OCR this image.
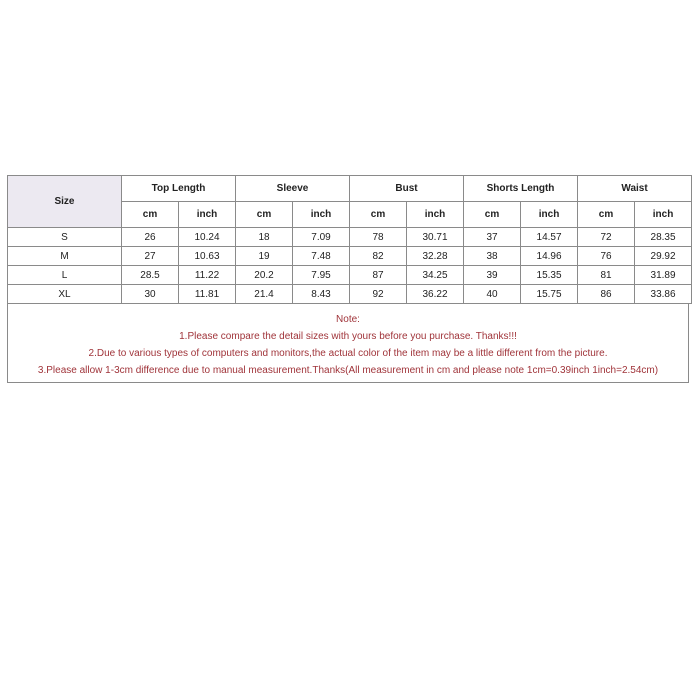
Size	Top Length		Sleeve		Bust		Shorts Length		Waist	
	cm	inch	cm	inch	cm	inch	cm	inch	cm	inch
S	26	10.24	18	7.09	78	30.71	37	14.57	72	28.35
M	27	10.63	19	7.48	82	32.28	38	14.96	76	29.92
L	28.5	11.22	20.2	7.95	87	34.25	39	15.35	81	31.89
XL	30	11.81	21.4	8.43	92	36.22	40	15.75	86	33.86
Note:
1.Please compare the detail sizes with yours before you purchase. Thanks!!!
2.Due to various types of computers and monitors,the actual color of the item may be a little different from the picture.
3.Please allow 1-3cm difference due to manual measurement.Thanks(All measurement in cm and please note 1cm=0.39inch 1inch=2.54cm)
